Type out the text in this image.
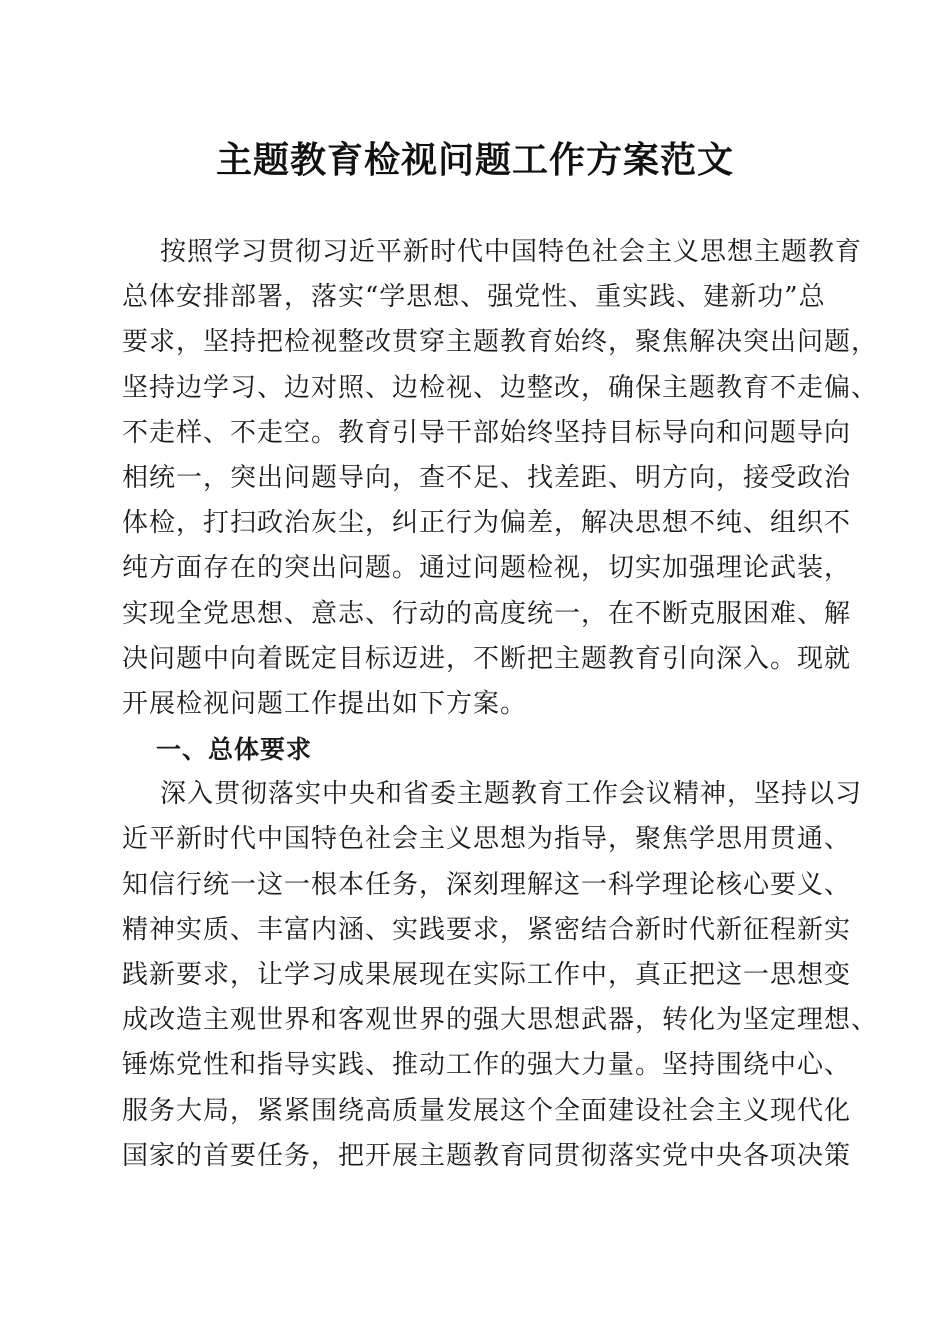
主题教育检视问题工作方案范文
按照学习贯彻习近平新时代中国特色社会主义思想主题教育
总体安排部署，落实“学思想、强党性、重实践、建新功”总
要求，坚持把检视整改贯穿主题教育始终，聚焦解决突出问题，
坚持边学习、边对照、边检视、边整改，确保主题教育不走偏、
不走样、不走空。教育引导干部始终坚持目标导向和问题导向
相统一，突出问题导向，查不足、找差距、明方向，接受政治
体检，打扫政治灰尘，纠正行为偏差，解决思想不纯、组织不
纯方面存在的突出问题。通过问题检视，切实加强理论武装，
实现全党思想、意志、行动的高度统一，在不断克服困难、解
决问题中向着既定目标迈进，不断把主题教育引向深入。现就
开展检视问题工作提出如下方案。
一、总体要求
深入贯彻落实中央和省委主题教育工作会议精神，坚持以习
近平新时代中国特色社会主义思想为指导，聚焦学思用贯通、
知信行统一这一根本任务，深刻理解这一科学理论核心要义、
精神实质、丰富内涵、实践要求，紧密结合新时代新征程新实
践新要求，让学习成果展现在实际工作中，真正把这一思想变
成改造主观世界和客观世界的强大思想武器，转化为坚定理想、
锤炼党性和指导实践、推动工作的强大力量。坚持围绕中心、
服务大局，紧紧围绕高质量发展这个全面建设社会主义现代化
国家的首要任务，把开展主题教育同贯彻落实党中央各项决策
